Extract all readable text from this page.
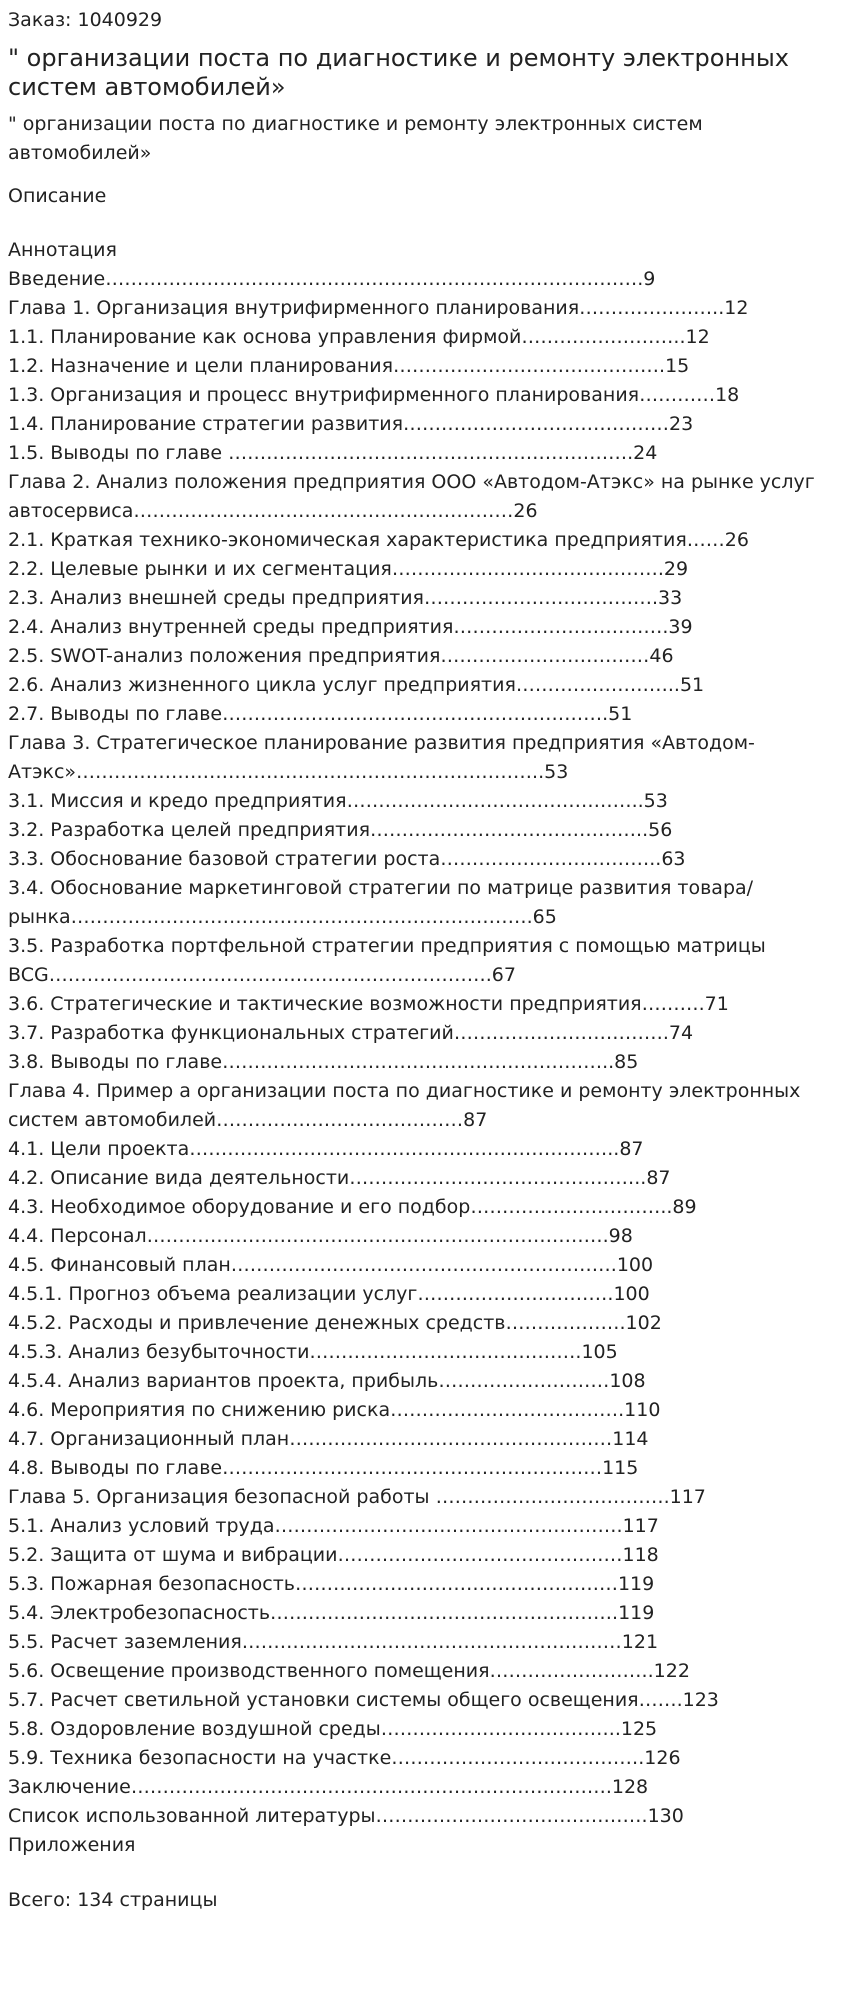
Заказ: 1040929

" организации поста по диагностике и ремонту электронных систем автомобилей»

" организации поста по диагностике и ремонту электронных систем автомобилей»

Описание

Аннотация
Введение………………………………………………………………………….9
Глава 1. Организация внутрифирменного планирования…………………..12
1.1. Планирование как основа управления фирмой……………………..12
1.2. Назначение и цели планирования…………………………………….15
1.3. Организация и процесс внутрифирменного планирования…………18
1.4. Планирование стратегии развития……………………………………23
1.5. Выводы по главе ……………………………………………………….24
Глава 2. Анализ положения предприятия ООО «Автодом-Атэкс» на рынке услуг автосервиса……………………………………………………26
2.1. Краткая технико-экономическая характеристика предприятия……26
2.2. Целевые рынки и их сегментация…………………………………….29
2.3. Анализ внешней среды предприятия……………………………….33
2.4. Анализ внутренней среды предприятия…………………………….39
2.5. SWOT-анализ положения предприятия……………………………46
2.6. Анализ жизненного цикла услуг предприятия……………………..51
2.7. Выводы по главе…………………………………………………….51
Глава 3. Стратегическое планирование развития предприятия «Автодом-Атэкс»………………………………………………………………..53
3.1. Миссия и кредо предприятия………………………………………..53
3.2. Разработка целей предприятия……………………………………..56
3.3. Обоснование базовой стратегии роста……………………………..63
3.4. Обоснование маркетинговой стратегии по матрице развития товара/рынка……………………………………………………………….65
3.5. Разработка портфельной стратегии предприятия с помощью матрицы BCG…………………………………………………………….67
3.6. Стратегические и тактические возможности предприятия……….71
3.7. Разработка функциональных стратегий…………………………….74
3.8. Выводы по главе……………………………………………………..85
Глава 4. Пример а организации поста по диагностике и ремонту электронных систем автомобилей…………………………………87
4.1. Цели проекта…………………………………………………………..87
4.2. Описание вида деятельности………………………………………..87
4.3. Необходимое оборудование и его подбор…………………………..89
4.4. Персонал……………………………………………………………….98
4.5. Финансовый план…………………………………………………….100
4.5.1. Прогноз объема реализации услуг………………………….100
4.5.2. Расходы и привлечение денежных средств……………….102
4.5.3. Анализ безубыточности…………………………………….105
4.5.4. Анализ вариантов проекта, прибыль………………………108
4.6. Мероприятия по снижению риска……………………………….110
4.7. Организационный план……………………………………………114
4.8. Выводы по главе……………………………………………………115
Глава 5. Организация безопасной работы ……………………………….117
5.1. Анализ условий труда……………………………………………….117
5.2. Защита от шума и вибрации………………………………………118
5.3. Пожарная безопасность……………………………………………119
5.4. Электробезопасность……………………………………………….119
5.5. Расчет заземления……………………………………………………121
5.6. Освещение производственного помещения……………………..122
5.7. Расчет светильной установки системы общего освещения…….123
5.8. Оздоровление воздушной среды………………………………..125
5.9. Техника безопасности на участке………………………………….126
Заключение………………………………………………………………….128
Список использованной литературы…………………………………….130
Приложения

Всего: 134 страницы
